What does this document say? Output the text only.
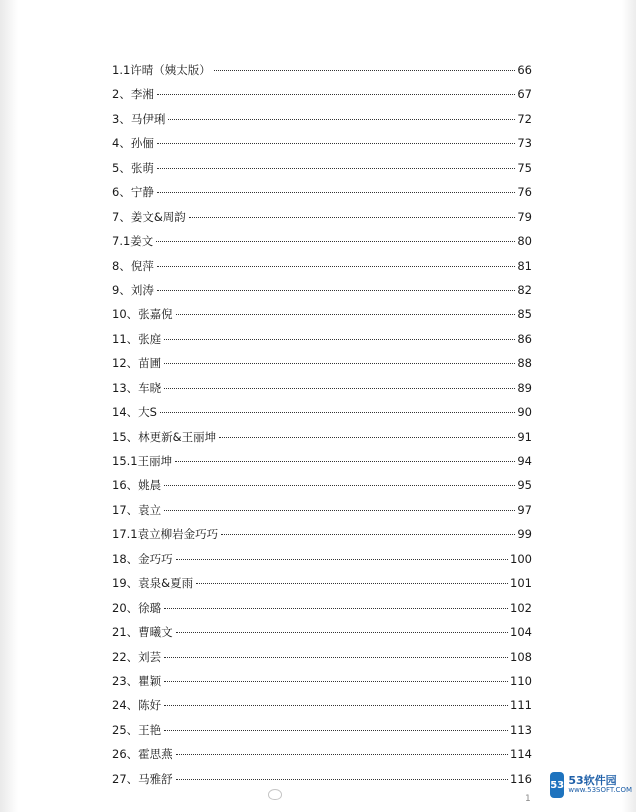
1.1许晴（姨太版）	66
2、李湘	67
3、马伊琍	72
4、孙俪	73
5、张萌	75
6、宁静	76
7、姜文&周韵	79
7.1姜文	80
8、倪萍	81
9、刘涛	82
10、张嘉倪	85
11、张庭	86
12、苗圃	88
13、车晓	89
14、大S	90
15、林更新&王丽坤	91
15.1王丽坤	94
16、姚晨	95
17、袁立	97
17.1袁立柳岩金巧巧	99
18、金巧巧	100
19、袁泉&夏雨	101
20、徐璐	102
21、曹曦文	104
22、刘芸	108
23、瞿颖	110
24、陈好	111
25、王艳	113
26、霍思燕	114
27、马雅舒	116
1
53 53软件园
www.53SOFT.COM
